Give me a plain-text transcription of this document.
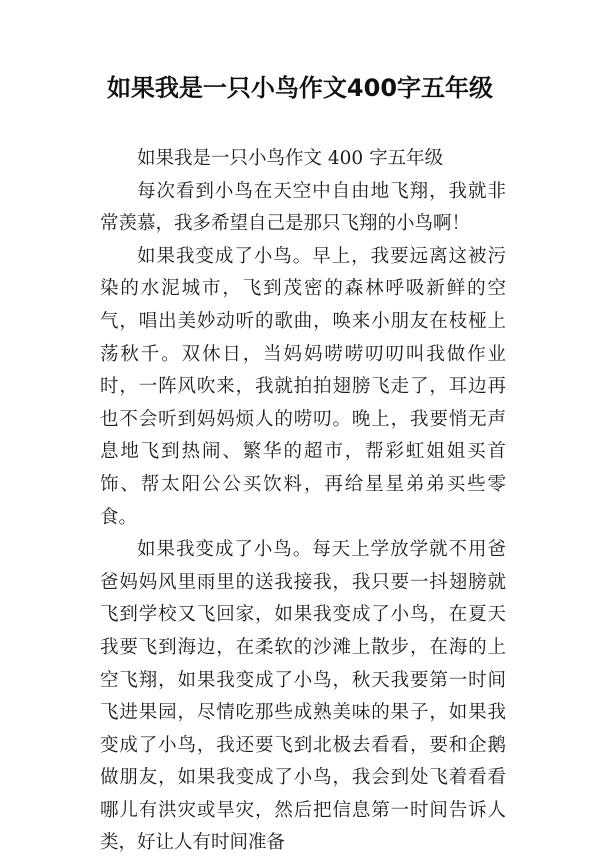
如果我是一只小鸟作文400字五年级

如果我是一只小鸟作文 400 字五年级

每次看到小鸟在天空中自由地飞翔，我就非常羡慕，我多希望自己是那只飞翔的小鸟啊！

如果我变成了小鸟。早上，我要远离这被污染的水泥城市，飞到茂密的森林呼吸新鲜的空气，唱出美妙动听的歌曲，唤来小朋友在枝桠上荡秋千。双休日，当妈妈唠唠叨叨叫我做作业时，一阵风吹来，我就拍拍翅膀飞走了，耳边再也不会听到妈妈烦人的唠叨。晚上，我要悄无声息地飞到热闹、繁华的超市，帮彩虹姐姐买首饰、帮太阳公公买饮料，再给星星弟弟买些零食。

如果我变成了小鸟。每天上学放学就不用爸爸妈妈风里雨里的送我接我，我只要一抖翅膀就飞到学校又飞回家，如果我变成了小鸟，在夏天我要飞到海边，在柔软的沙滩上散步，在海的上空飞翔，如果我变成了小鸟，秋天我要第一时间飞进果园，尽情吃那些成熟美味的果子，如果我变成了小鸟，我还要飞到北极去看看，要和企鹅做朋友，如果我变成了小鸟，我会到处飞着看看哪儿有洪灾或旱灾，然后把信息第一时间告诉人类，好让人有时间准备
